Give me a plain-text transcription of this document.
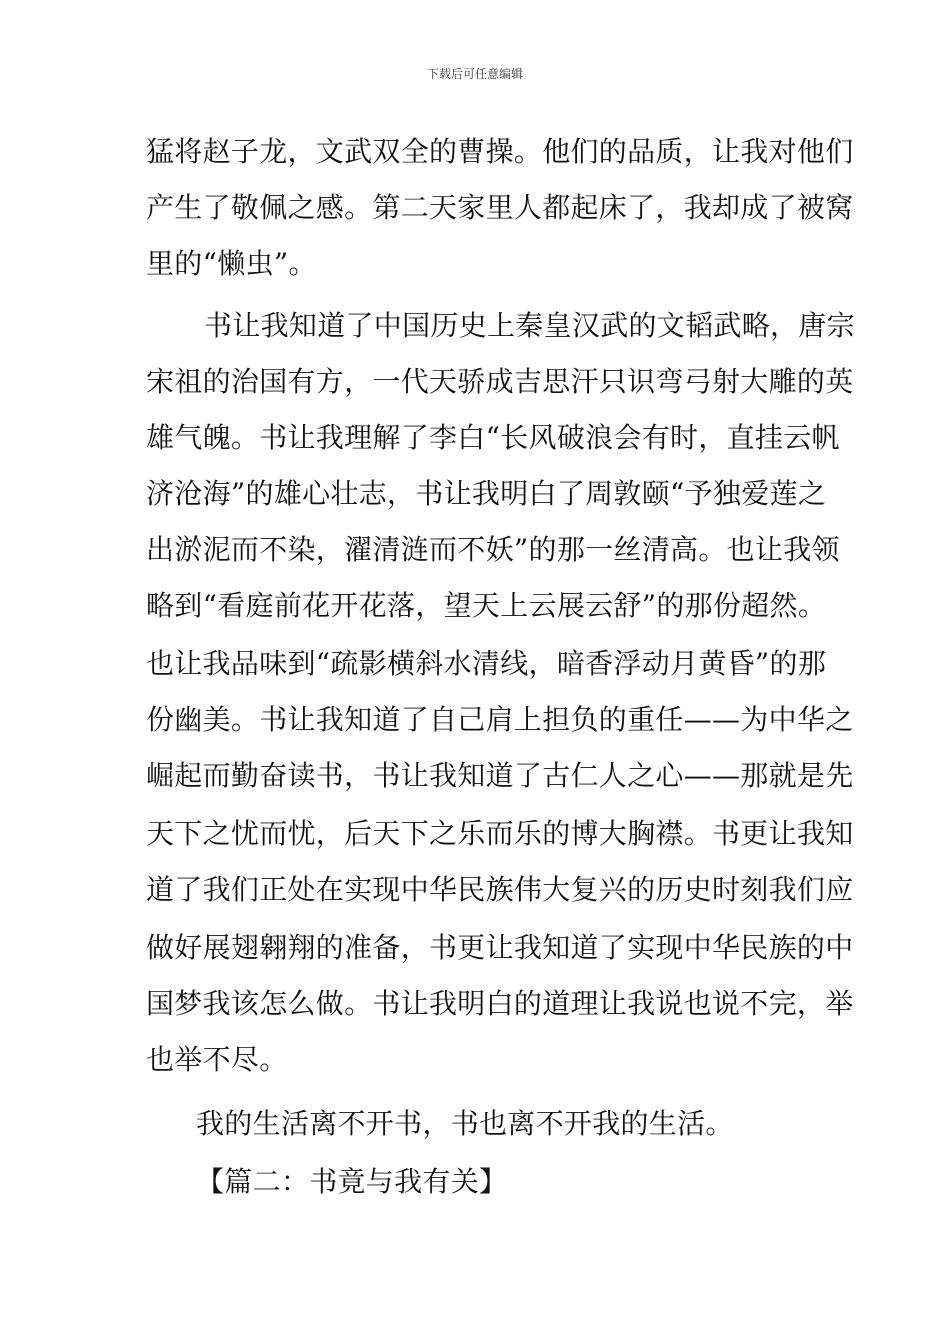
下载后可任意编辑
猛将赵子龙，文武双全的曹操。他们的品质，让我对他们
产生了敬佩之感。第二天家里人都起床了，我却成了被窝
里的“懒虫”。
书让我知道了中国历史上秦皇汉武的文韬武略，唐宗
宋祖的治国有方，一代天骄成吉思汗只识弯弓射大雕的英
雄气魄。书让我理解了李白“长风破浪会有时，直挂云帆
济沧海”的雄心壮志，书让我明白了周敦颐“予独爱莲之
出淤泥而不染，濯清涟而不妖”的那一丝清高。也让我领
略到“看庭前花开花落，望天上云展云舒”的那份超然。
也让我品味到“疏影横斜水清线，暗香浮动月黄昏”的那
份幽美。书让我知道了自己肩上担负的重任——为中华之
崛起而勤奋读书，书让我知道了古仁人之心——那就是先
天下之忧而忧，后天下之乐而乐的博大胸襟。书更让我知
道了我们正处在实现中华民族伟大复兴的历史时刻我们应
做好展翅翱翔的准备，书更让我知道了实现中华民族的中
国梦我该怎么做。书让我明白的道理让我说也说不完，举
也举不尽。
我的生活离不开书，书也离不开我的生活。
【篇二：书竟与我有关】
